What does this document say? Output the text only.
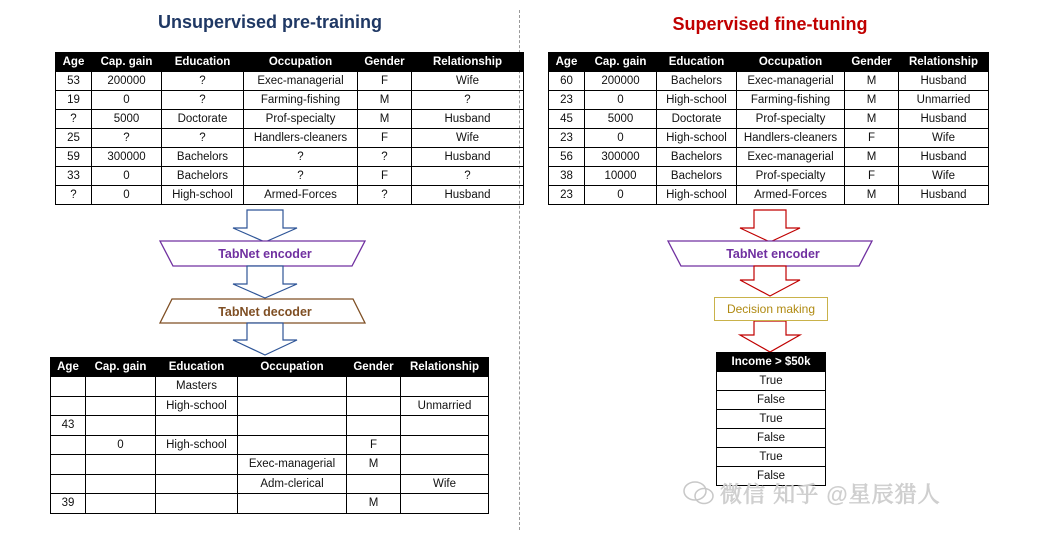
Unsupervised pre-training	Supervised fine-tuning
Age	Cap. gain	Education	Occupation	Gender	Relationship
53	200000	?	Exec-managerial	F	Wife
19	0	?	Farming-fishing	M	?
?	5000	Doctorate	Prof-specialty	M	Husband
25	?	?	Handlers-cleaners	F	Wife
59	300000	Bachelors	?	?	Husband
33	0	Bachelors	?	F	?
?	0	High-school	Armed-Forces	?	Husband
TabNet encoder
TabNet decoder
Age	Cap. gain	Education	Occupation	Gender	Relationship
		Masters			
		High-school			Unmarried
43					
	0	High-school		F	
			Exec-managerial	M	
			Adm-clerical		Wife
39				M	
Age	Cap. gain	Education	Occupation	Gender	Relationship
60	200000	Bachelors	Exec-managerial	M	Husband
23	0	High-school	Farming-fishing	M	Unmarried
45	5000	Doctorate	Prof-specialty	M	Husband
23	0	High-school	Handlers-cleaners	F	Wife
56	300000	Bachelors	Exec-managerial	M	Husband
38	10000	Bachelors	Prof-specialty	F	Wife
23	0	High-school	Armed-Forces	M	Husband
TabNet encoder
Decision making
Income > $50k
True
False
True
False
True
False
微信 知乎 @星辰猎人
